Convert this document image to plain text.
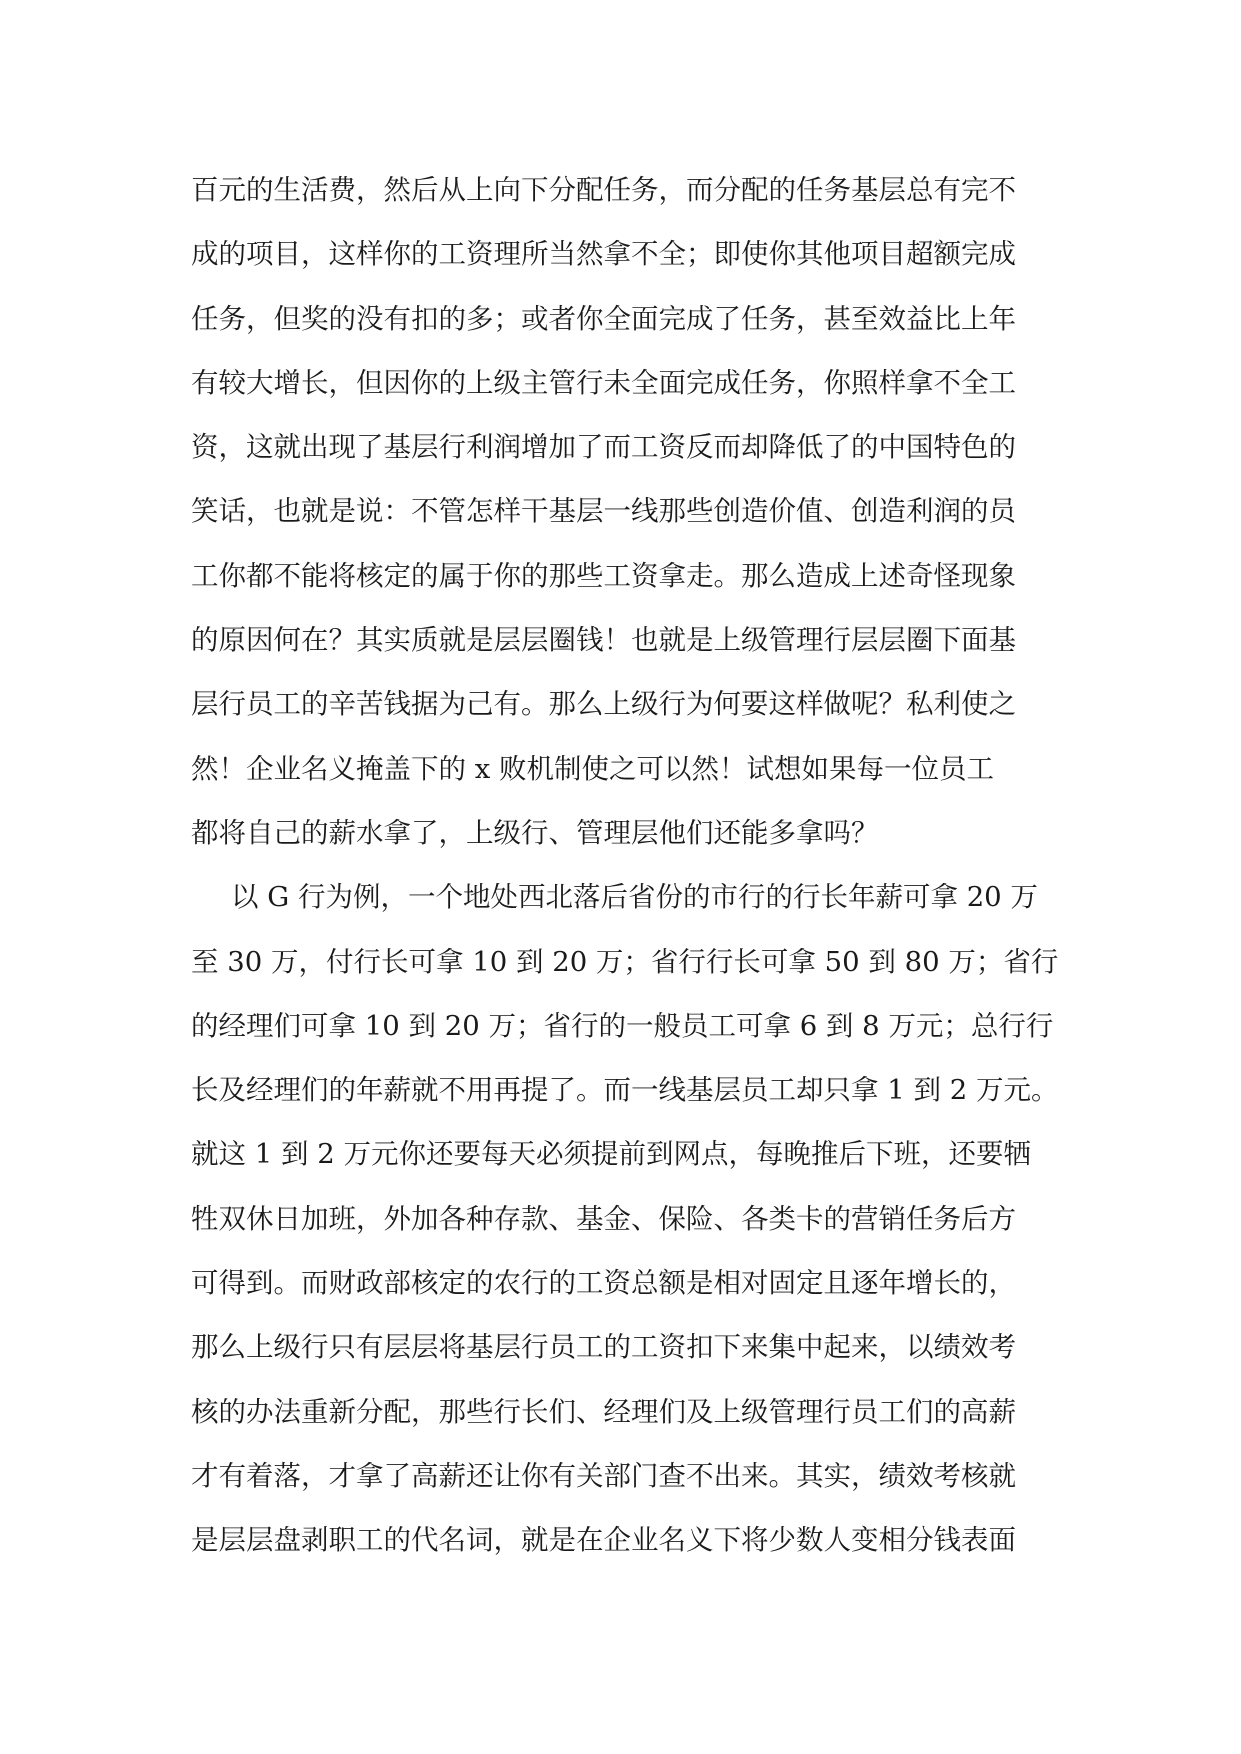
百元的生活费，然后从上向下分配任务，而分配的任务基层总有完不
成的项目，这样你的工资理所当然拿不全；即使你其他项目超额完成
任务，但奖的没有扣的多；或者你全面完成了任务，甚至效益比上年
有较大增长，但因你的上级主管行未全面完成任务，你照样拿不全工
资，这就出现了基层行利润增加了而工资反而却降低了的中国特色的
笑话，也就是说：不管怎样干基层一线那些创造价值、创造利润的员
工你都不能将核定的属于你的那些工资拿走。那么造成上述奇怪现象
的原因何在？其实质就是层层圈钱！也就是上级管理行层层圈下面基
层行员工的辛苦钱据为己有。那么上级行为何要这样做呢？私利使之
然！企业名义掩盖下的 x 败机制使之可以然！试想如果每一位员工
都将自己的薪水拿了，上级行、管理层他们还能多拿吗？
以 G 行为例，一个地处西北落后省份的市行的行长年薪可拿 20 万
至 30 万，付行长可拿 10 到 20 万；省行行长可拿 50 到 80 万；省行
的经理们可拿 10 到 20 万；省行的一般员工可拿 6 到 8 万元；总行行
长及经理们的年薪就不用再提了。而一线基层员工却只拿 1 到 2 万元。
就这 1 到 2 万元你还要每天必须提前到网点，每晚推后下班，还要牺
牲双休日加班，外加各种存款、基金、保险、各类卡的营销任务后方
可得到。而财政部核定的农行的工资总额是相对固定且逐年增长的，
那么上级行只有层层将基层行员工的工资扣下来集中起来，以绩效考
核的办法重新分配，那些行长们、经理们及上级管理行员工们的高薪
才有着落，才拿了高薪还让你有关部门查不出来。其实，绩效考核就
是层层盘剥职工的代名词，就是在企业名义下将少数人变相分钱表面
